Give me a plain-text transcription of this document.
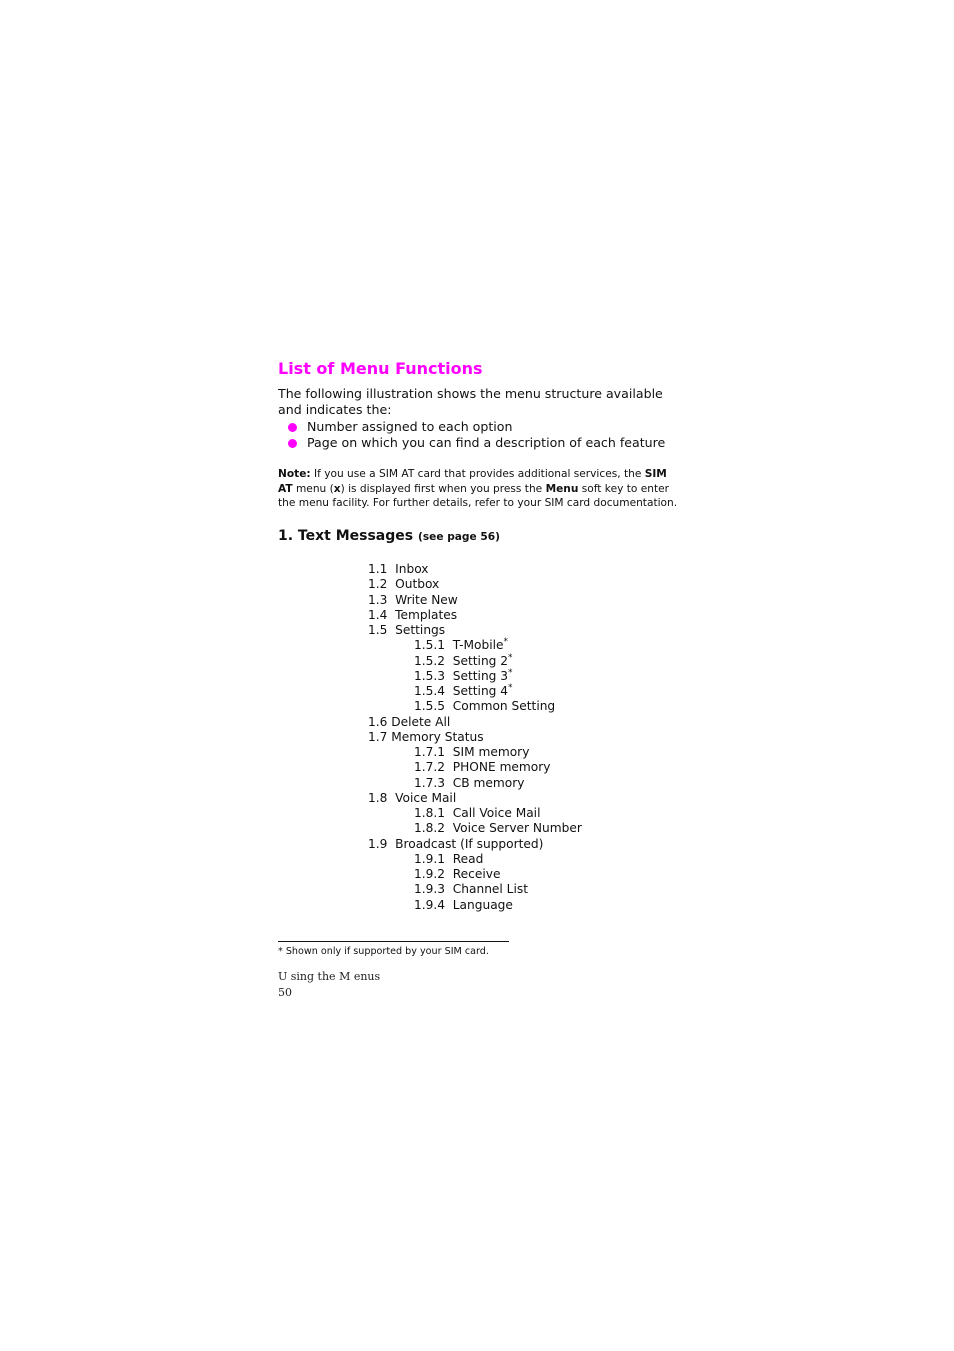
List of Menu Functions
The following illustration shows the menu structure available and indicates the:
Number assigned to each option
Page on which you can find a description of each feature
Note: If you use a SIM AT card that provides additional services, the SIM AT menu (x) is displayed first when you press the Menu soft key to enter the menu facility. For further details, refer to your SIM card documentation.
1. Text Messages (see page 56)
1.1  Inbox
1.2  Outbox
1.3  Write New
1.4  Templates
1.5  Settings
1.5.1  T-Mobile*
1.5.2  Setting 2*
1.5.3  Setting 3*
1.5.4  Setting 4*
1.5.5  Common Setting
1.6 Delete All
1.7 Memory Status
1.7.1  SIM memory
1.7.2  PHONE memory
1.7.3  CB memory
1.8  Voice Mail
1.8.1  Call Voice Mail
1.8.2  Voice Server Number
1.9  Broadcast (If supported)
1.9.1  Read
1.9.2  Receive
1.9.3  Channel List
1.9.4  Language
* Shown only if supported by your SIM card.
U sing the M enus
50
